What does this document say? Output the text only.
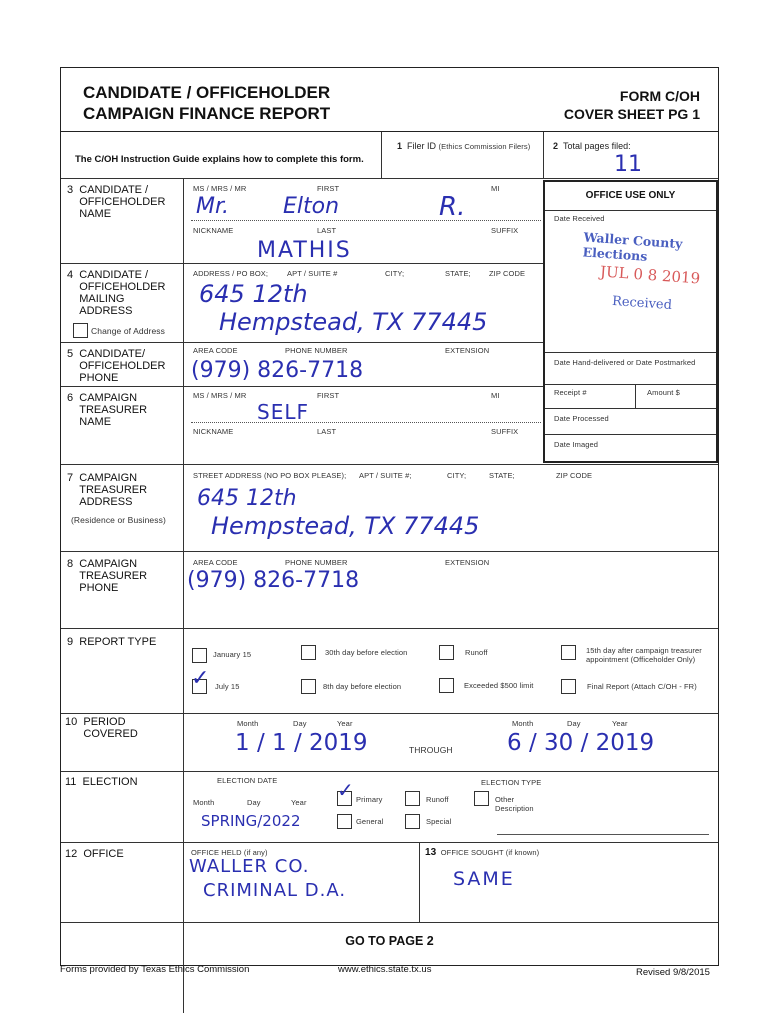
CANDIDATE / OFFICEHOLDER
CAMPAIGN FINANCE REPORT
FORM C/OH
COVER SHEET PG 1
The C/OH Instruction Guide explains how to complete this form.
1 Filer ID (Ethics Commission Filers)	2 Total pages filed:
11
OFFICE USE ONLY
Date Received
Waller County Elections
JUL 0 8 2019
Received
Date Hand-delivered or Date Postmarked
Receipt #	Amount $
Date Processed
Date Imaged
3 CANDIDATE / OFFICEHOLDER NAME
MS / MRS / MR	FIRST	MI
Mr. Elton	R.
NICKNAME	LAST	SUFFIX
MATHIS
4 CANDIDATE / OFFICEHOLDER MAILING ADDRESS
Change of Address
ADDRESS / PO BOX;	APT / SUITE #	CITY;	STATE; ZIP CODE
645 12th
Hempstead, TX 77445
5 CANDIDATE/ OFFICEHOLDER PHONE
AREA CODE	PHONE NUMBER	EXTENSION
(979) 826-7718
6 CAMPAIGN TREASURER NAME
MS / MRS / MR	FIRST	MI
SELF
NICKNAME	LAST	SUFFIX
7 CAMPAIGN TREASURER ADDRESS
(Residence or Business)
STREET ADDRESS (NO PO BOX PLEASE); APT / SUITE #;	CITY;	STATE;	ZIP CODE
645 12th
Hempstead, TX 77445
8 CAMPAIGN TREASURER PHONE
AREA CODE	PHONE NUMBER	EXTENSION
(979) 826-7718
9 REPORT TYPE
January 15	30th day before election	Runoff	15th day after campaign treasurer appointment (Officeholder Only)
✓ July 15	8th day before election	Exceeded $500 limit	Final Report (Attach C/OH - FR)
10 PERIOD COVERED
Month	Day	Year	Month	Day	Year
1 / 1 / 2019	THROUGH 6 / 30 / 2019
11 ELECTION	ELECTION DATE
Month	Day	Year
SPRING/2022
ELECTION TYPE
✓ Primary	Runoff	Other Description
General	Special
12 OFFICE	OFFICE HELD (if any)
WALLER CO.
CRIMINAL D.A.
13 OFFICE SOUGHT (if known)
SAME
GO TO PAGE 2
Forms provided by Texas Ethics Commission	www.ethics.state.tx.us	Revised 9/8/2015
